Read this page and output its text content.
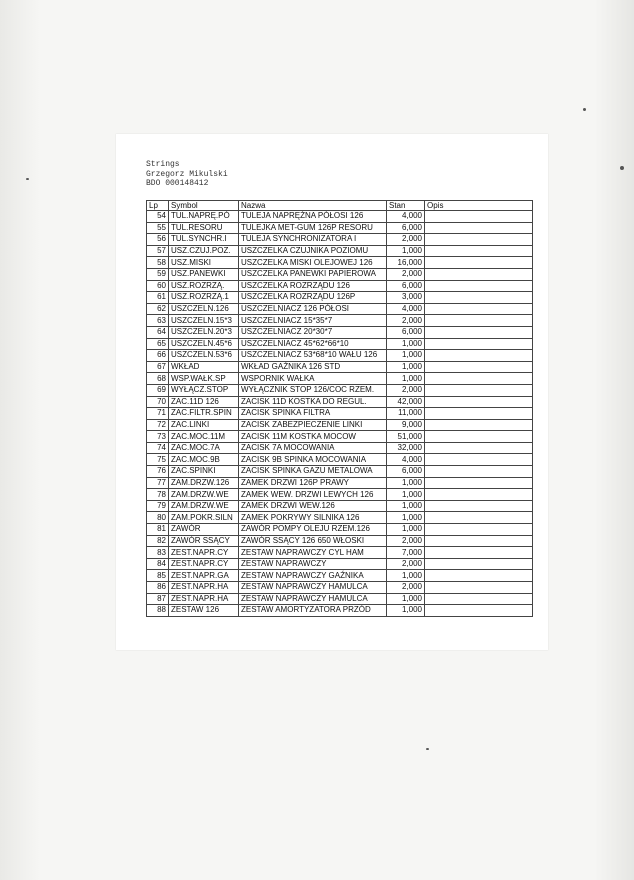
Strings
Grzegorz Mikulski
BDO 000148412
Lp	Symbol	Nazwa	Stan	Opis
54	TUL.NAPRĘ.PÓ	TULEJA NAPRĘŻNA PÓŁOSI 126	4,000	
55	TUL.RESORU	TULEJKA MET-GUM 126P RESORU	6,000	
56	TUL.SYNCHR.I	TULEJA SYNCHRONIZATORA I	2,000	
57	USZ.CZUJ.POZ.	USZCZELKA CZUJNIKA POZIOMU	1,000	
58	USZ.MISKI	USZCZELKA MISKI OLEJOWEJ 126	16,000	
59	USZ.PANEWKI	USZCZELKA PANEWKI PAPIEROWA	2,000	
60	USZ.ROZRZĄ.	USZCZELKA ROZRZĄDU 126	6,000	
61	USZ.ROZRZĄ.1	USZCZELKA ROZRZĄDU 126P	3,000	
62	USZCZELN.126	USZCZELNIACZ 126 PÓŁOSI	4,000	
63	USZCZELN.15*3	USZCZELNIACZ 15*35*7	2,000	
64	USZCZELN.20*3	USZCZELNIACZ 20*30*7	6,000	
65	USZCZELN.45*6	USZCZELNIACZ 45*62*66*10	1,000	
66	USZCZELN.53*6	USZCZELNIACZ 53*68*10 WAŁU 126	1,000	
67	WKŁAD	WKŁAD GAŹNIKA 126 STD	1,000	
68	WSP.WAŁK.SP	WSPORNIK WAŁKA	1,000	
69	WYŁĄCZ.STOP	WYŁĄCZNIK STOP 126/COC RZEM.	2,000	
70	ZAC.11D 126	ZACISK 11D KOSTKA DO REGUL.	42,000	
71	ZAC.FILTR.SPIN	ZACISK SPINKA FILTRA	11,000	
72	ZAC.LINKI	ZACISK ZABEZPIECZENIE LINKI	9,000	
73	ZAC.MOC.11M	ZACISK 11M KOSTKA MOCOW	51,000	
74	ZAC.MOC.7A	ZACISK 7A MOCOWANIA	32,000	
75	ZAC.MOC.9B	ZACISK 9B SPINKA MOCOWANIA	4,000	
76	ZAC.SPINKI	ZACISK SPINKA GAZU METALOWA	6,000	
77	ZAM.DRZW.126	ZAMEK DRZWI 126P PRAWY	1,000	
78	ZAM.DRZW.WE	ZAMEK WEW. DRZWI LEWYCH 126	1,000	
79	ZAM.DRZW.WE	ZAMEK DRZWI WEW.126	1,000	
80	ZAM.POKR.SILN	ZAMEK POKRYWY SILNIKA 126	1,000	
81	ZAWÓR	ZAWÓR POMPY OLEJU RZEM.126	1,000	
82	ZAWÓR SSĄCY	ZAWÓR SSĄCY 126 650 WŁOSKI	2,000	
83	ZEST.NAPR.CY	ZESTAW NAPRAWCZY CYL HAM	7,000	
84	ZEST.NAPR.CY	ZESTAW NAPRAWCZY	2,000	
85	ZEST.NAPR.GA	ZESTAW NAPRAWCZY GAŹNIKA	1,000	
86	ZEST.NAPR.HA	ZESTAW NAPRAWCZY HAMULCA	2,000	
87	ZEST.NAPR.HA	ZESTAW NAPRAWCZY HAMULCA	1,000	
88	ZESTAW 126	ZESTAW AMORTYZATORA PRZÓD	1,000	
